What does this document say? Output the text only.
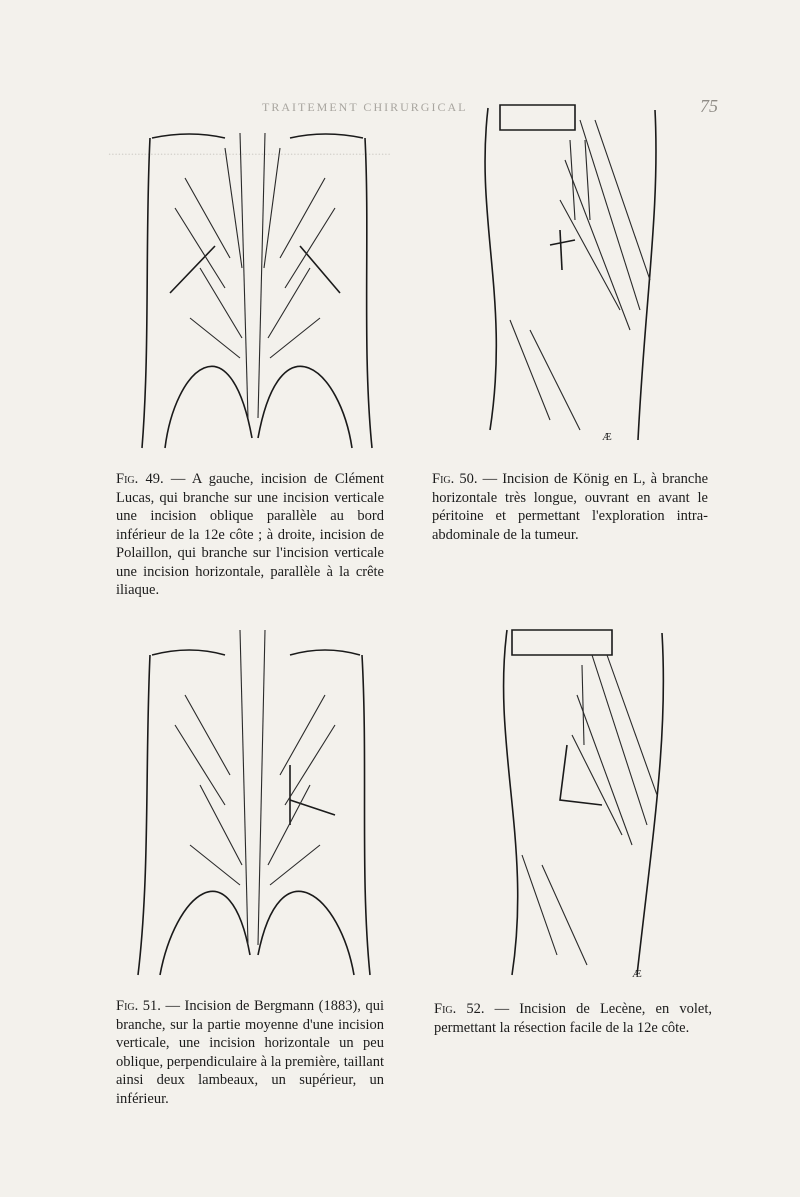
.......................................................................................
75
TRAITEMENT CHIRURGICAL
Æ
Fig. 49. — A gauche, incision de Clément Lucas, qui branche sur une incision verticale une incision oblique parallèle au bord inférieur de la 12e côte ; à droite, incision de Polaillon, qui branche sur l'incision verticale une incision horizontale, parallèle à la crête iliaque.
Fig. 50. — Incision de König en L, à branche horizontale très longue, ouvrant en avant le péritoine et permettant l'exploration intra-abdominale de la tumeur.
Æ
Fig. 51. — Incision de Bergmann (1883), qui branche, sur la partie moyenne d'une incision verticale, une incision horizontale un peu oblique, perpendiculaire à la première, taillant ainsi deux lambeaux, un supérieur, un inférieur.
Fig. 52. — Incision de Lecène, en volet, permettant la résection facile de la 12e côte.
